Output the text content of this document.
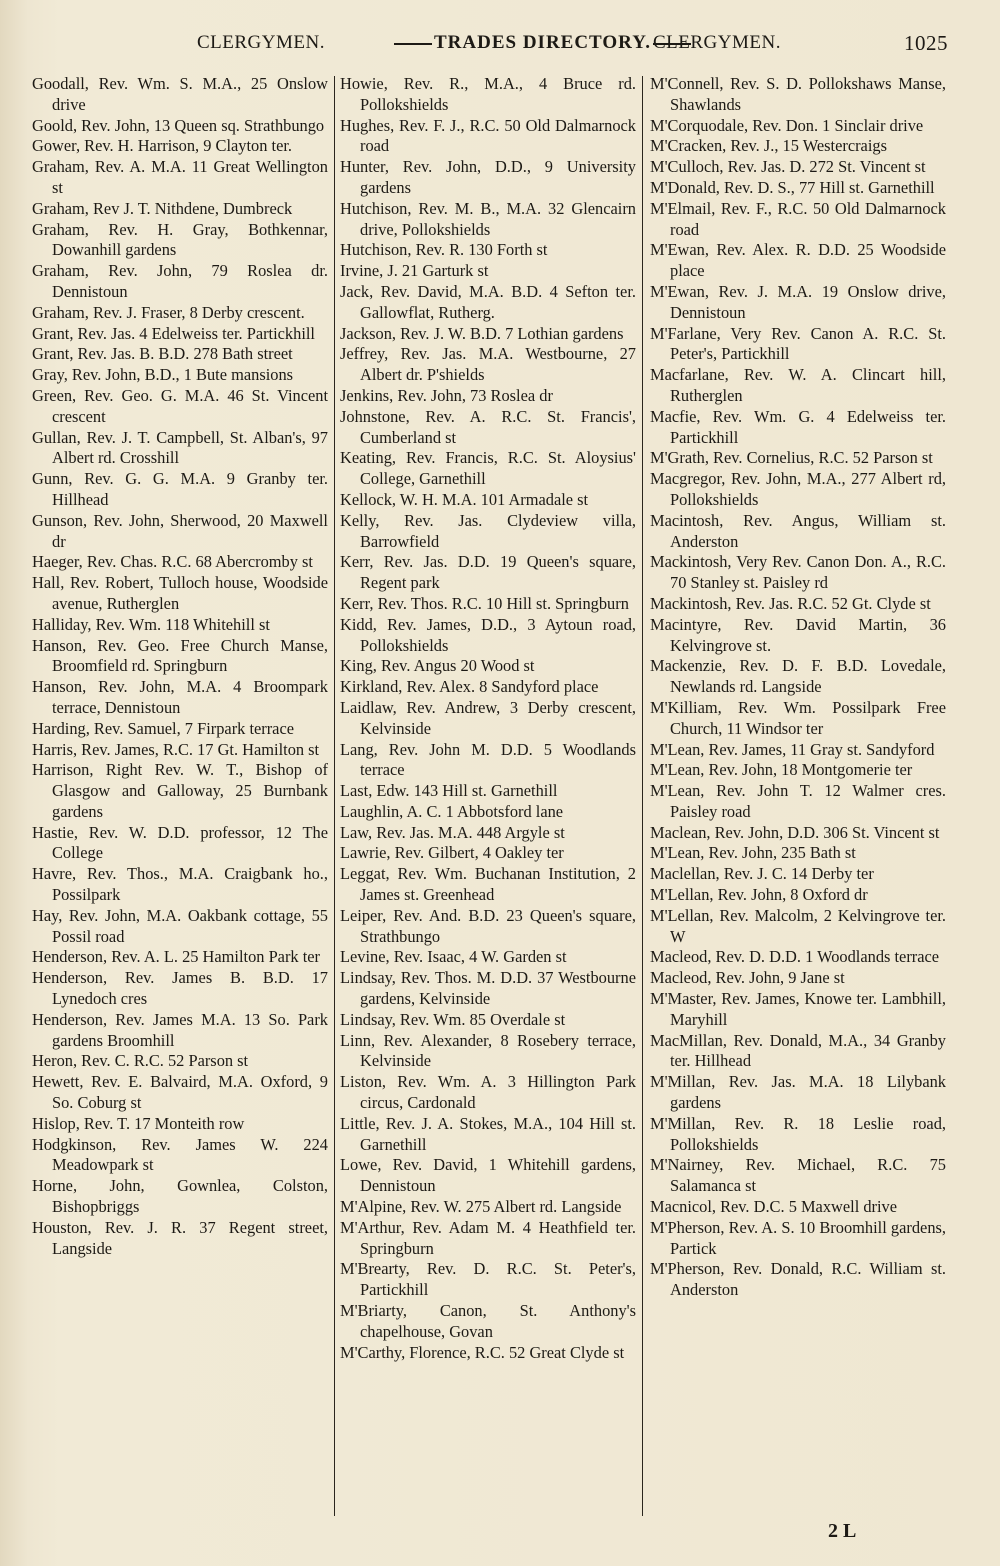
CLERGYMEN.	TRADES DIRECTORY. CLERGYMEN.	1025

Goodall, Rev. Wm. S. M.A., 25 Onslow drive

Goold, Rev. John, 13 Queen sq. Strathbungo

Gower, Rev. H. Harrison, 9 Clayton ter.

Graham, Rev. A. M.A. 11 Great Wellington st

Graham, Rev J. T. Nithdene, Dumbreck

Graham, Rev. H. Gray, Bothkennar, Dowanhill gardens

Graham, Rev. John, 79 Roslea dr. Dennistoun

Graham, Rev. J. Fraser, 8 Derby crescent.

Grant, Rev. Jas. 4 Edelweiss ter. Partickhill

Grant, Rev. Jas. B. B.D. 278 Bath street

Gray, Rev. John, B.D., 1 Bute mansions

Green, Rev. Geo. G. M.A. 46 St. Vincent crescent

Gullan, Rev. J. T. Campbell, St. Alban's, 97 Albert rd. Crosshill

Gunn, Rev. G. G. M.A. 9 Granby ter. Hillhead

Gunson, Rev. John, Sherwood, 20 Maxwell dr

Haeger, Rev. Chas. R.C. 68 Abercromby st

Hall, Rev. Robert, Tulloch house, Woodside avenue, Rutherglen

Halliday, Rev. Wm. 118 Whitehill st

Hanson, Rev. Geo. Free Church Manse, Broomfield rd. Springburn

Hanson, Rev. John, M.A. 4 Broompark terrace, Dennistoun

Harding, Rev. Samuel, 7 Firpark terrace

Harris, Rev. James, R.C. 17 Gt. Hamilton st

Harrison, Right Rev. W. T., Bishop of Glasgow and Galloway, 25 Burnbank gardens

Hastie, Rev. W. D.D. professor, 12 The College

Havre, Rev. Thos., M.A. Craigbank ho., Possilpark

Hay, Rev. John, M.A. Oakbank cottage, 55 Possil road

Henderson, Rev. A. L. 25 Hamilton Park ter

Henderson, Rev. James B. B.D. 17 Lynedoch cres

Henderson, Rev. James M.A. 13 So. Park gardens Broomhill

Heron, Rev. C. R.C. 52 Parson st

Hewett, Rev. E. Balvaird, M.A. Oxford, 9 So. Coburg st

Hislop, Rev. T. 17 Monteith row

Hodgkinson, Rev. James W. 224 Meadowpark st

Horne, John, Gownlea, Colston, Bishopbriggs

Houston, Rev. J. R. 37 Regent street, Langside

Howie, Rev. R., M.A., 4 Bruce rd. Pollokshields

Hughes, Rev. F. J., R.C. 50 Old Dalmarnock road

Hunter, Rev. John, D.D., 9 University gardens

Hutchison, Rev. M. B., M.A. 32 Glencairn drive, Pollokshields

Hutchison, Rev. R. 130 Forth st

Irvine, J. 21 Garturk st

Jack, Rev. David, M.A. B.D. 4 Sefton ter. Gallowflat, Rutherg.

Jackson, Rev. J. W. B.D. 7 Lothian gardens

Jeffrey, Rev. Jas. M.A. Westbourne, 27 Albert dr. P'shields

Jenkins, Rev. John, 73 Roslea dr

Johnstone, Rev. A. R.C. St. Francis', Cumberland st

Keating, Rev. Francis, R.C. St. Aloysius' College, Garnethill

Kellock, W. H. M.A. 101 Armadale st

Kelly, Rev. Jas. Clydeview villa, Barrowfield

Kerr, Rev. Jas. D.D. 19 Queen's square, Regent park

Kerr, Rev. Thos. R.C. 10 Hill st. Springburn

Kidd, Rev. James, D.D., 3 Aytoun road, Pollokshields

King, Rev. Angus 20 Wood st

Kirkland, Rev. Alex. 8 Sandyford place

Laidlaw, Rev. Andrew, 3 Derby crescent, Kelvinside

Lang, Rev. John M. D.D. 5 Woodlands terrace

Last, Edw. 143 Hill st. Garnethill

Laughlin, A. C. 1 Abbotsford lane

Law, Rev. Jas. M.A. 448 Argyle st

Lawrie, Rev. Gilbert, 4 Oakley ter

Leggat, Rev. Wm. Buchanan Institution, 2 James st. Greenhead

Leiper, Rev. And. B.D. 23 Queen's square, Strathbungo

Levine, Rev. Isaac, 4 W. Garden st

Lindsay, Rev. Thos. M. D.D. 37 Westbourne gardens, Kelvinside

Lindsay, Rev. Wm. 85 Overdale st

Linn, Rev. Alexander, 8 Rosebery terrace, Kelvinside

Liston, Rev. Wm. A. 3 Hillington Park circus, Cardonald

Little, Rev. J. A. Stokes, M.A., 104 Hill st. Garnethill

Lowe, Rev. David, 1 Whitehill gardens, Dennistoun

M'Alpine, Rev. W. 275 Albert rd. Langside

M'Arthur, Rev. Adam M. 4 Heathfield ter. Springburn

M'Brearty, Rev. D. R.C. St. Peter's, Partickhill

M'Briarty, Canon, St. Anthony's chapelhouse, Govan

M'Carthy, Florence, R.C. 52 Great Clyde st

M'Connell, Rev. S. D. Pollokshaws Manse, Shawlands

M'Corquodale, Rev. Don. 1 Sinclair drive

M'Cracken, Rev. J., 15 Westercraigs

M'Culloch, Rev. Jas. D. 272 St. Vincent st

M'Donald, Rev. D. S., 77 Hill st. Garnethill

M'Elmail, Rev. F., R.C. 50 Old Dalmarnock road

M'Ewan, Rev. Alex. R. D.D. 25 Woodside place

M'Ewan, Rev. J. M.A. 19 Onslow drive, Dennistoun

M'Farlane, Very Rev. Canon A. R.C. St. Peter's, Partickhill

Macfarlane, Rev. W. A. Clincart hill, Rutherglen

Macfie, Rev. Wm. G. 4 Edelweiss ter. Partickhill

M'Grath, Rev. Cornelius, R.C. 52 Parson st

Macgregor, Rev. John, M.A., 277 Albert rd, Pollokshields

Macintosh, Rev. Angus, William st. Anderston

Mackintosh, Very Rev. Canon Don. A., R.C. 70 Stanley st. Paisley rd

Mackintosh, Rev. Jas. R.C. 52 Gt. Clyde st

Macintyre, Rev. David Martin, 36 Kelvingrove st.

Mackenzie, Rev. D. F. B.D. Lovedale, Newlands rd. Langside

M'Killiam, Rev. Wm. Possilpark Free Church, 11 Windsor ter

M'Lean, Rev. James, 11 Gray st. Sandyford

M'Lean, Rev. John, 18 Montgomerie ter

M'Lean, Rev. John T. 12 Walmer cres. Paisley road

Maclean, Rev. John, D.D. 306 St. Vincent st

M'Lean, Rev. John, 235 Bath st

Maclellan, Rev. J. C. 14 Derby ter

M'Lellan, Rev. John, 8 Oxford dr

M'Lellan, Rev. Malcolm, 2 Kelvingrove ter. W

Macleod, Rev. D. D.D. 1 Woodlands terrace

Macleod, Rev. John, 9 Jane st

M'Master, Rev. James, Knowe ter. Lambhill, Maryhill

MacMillan, Rev. Donald, M.A., 34 Granby ter. Hillhead

M'Millan, Rev. Jas. M.A. 18 Lilybank gardens

M'Millan, Rev. R. 18 Leslie road, Pollokshields

M'Nairney, Rev. Michael, R.C. 75 Salamanca st

Macnicol, Rev. D.C. 5 Maxwell drive

M'Pherson, Rev. A. S. 10 Broomhill gardens, Partick

M'Pherson, Rev. Donald, R.C. William st. Anderston

2 L
